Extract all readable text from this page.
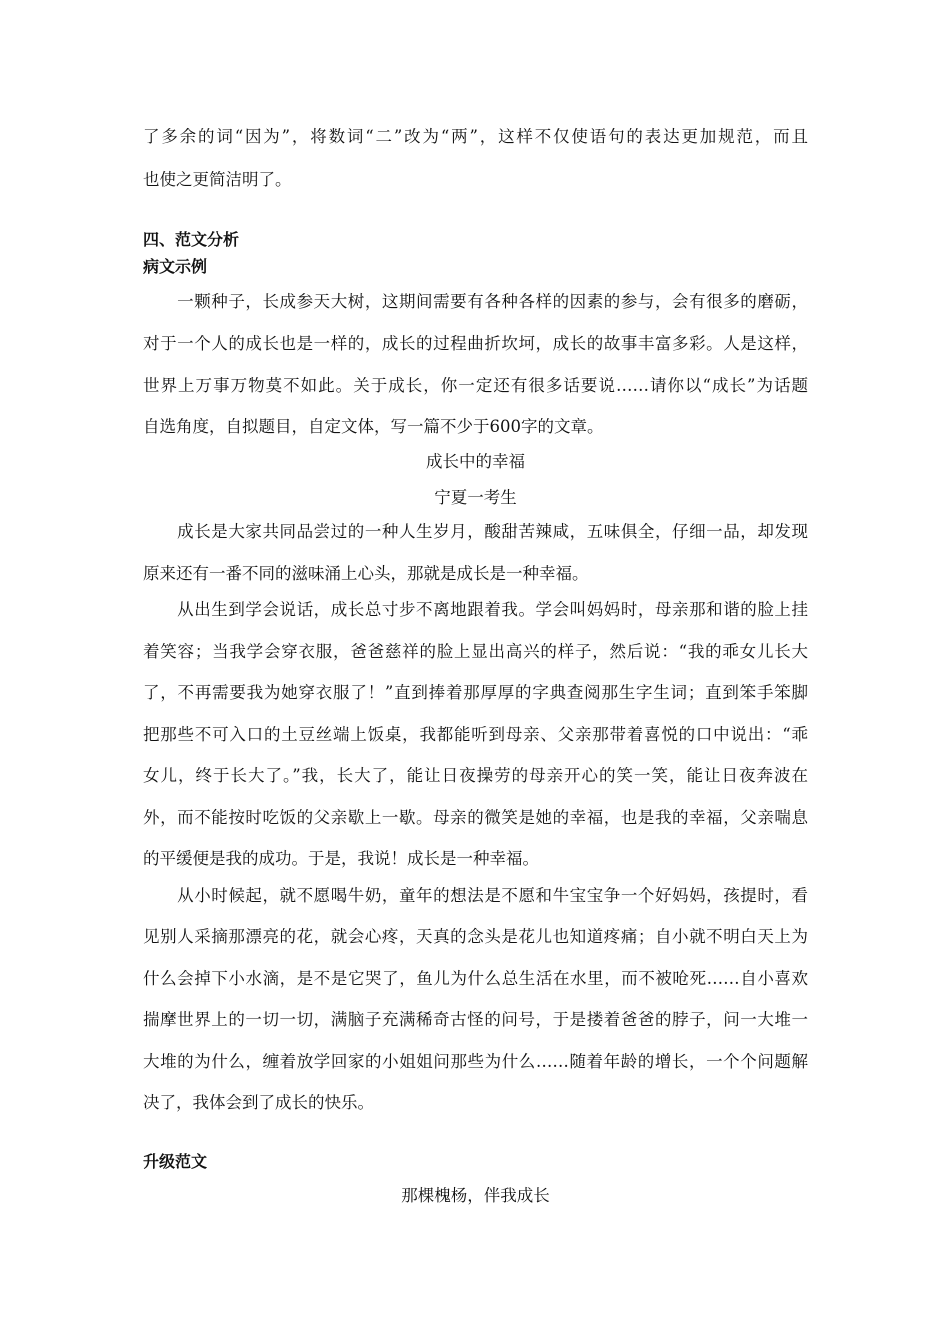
了多余的词“因为”，将数词“二”改为“两”，这样不仅使语句的表达更加规范，而且
也使之更简洁明了。
四、范文分析
病文示例
　　一颗种子，长成参天大树，这期间需要有各种各样的因素的参与，会有很多的磨砺，
对于一个人的成长也是一样的，成长的过程曲折坎坷，成长的故事丰富多彩。人是这样，
世界上万事万物莫不如此。关于成长，你一定还有很多话要说……请你以“成长”为话题
自选角度，自拟题目，自定文体，写一篇不少于600字的文章。
成长中的幸福
宁夏一考生
　　成长是大家共同品尝过的一种人生岁月，酸甜苦辣咸，五味俱全，仔细一品，却发现
原来还有一番不同的滋味涌上心头，那就是成长是一种幸福。
　　从出生到学会说话，成长总寸步不离地跟着我。学会叫妈妈时，母亲那和谐的脸上挂
着笑容；当我学会穿衣服，爸爸慈祥的脸上显出高兴的样子，然后说：“我的乖女儿长大
了，不再需要我为她穿衣服了！”直到捧着那厚厚的字典查阅那生字生词；直到笨手笨脚
把那些不可入口的土豆丝端上饭桌，我都能听到母亲、父亲那带着喜悦的口中说出：“乖
女儿，终于长大了。”我，长大了，能让日夜操劳的母亲开心的笑一笑，能让日夜奔波在
外，而不能按时吃饭的父亲歇上一歇。母亲的微笑是她的幸福，也是我的幸福，父亲喘息
的平缓便是我的成功。于是，我说！成长是一种幸福。
　　从小时候起，就不愿喝牛奶，童年的想法是不愿和牛宝宝争一个好妈妈，孩提时，看
见别人采摘那漂亮的花，就会心疼，天真的念头是花儿也知道疼痛；自小就不明白天上为
什么会掉下小水滴，是不是它哭了，鱼儿为什么总生活在水里，而不被呛死……自小喜欢
揣摩世界上的一切一切，满脑子充满稀奇古怪的问号，于是搂着爸爸的脖子，问一大堆一
大堆的为什么，缠着放学回家的小姐姐问那些为什么……随着年龄的增长，一个个问题解
决了，我体会到了成长的快乐。
升级范文
那棵槐杨，伴我成长
